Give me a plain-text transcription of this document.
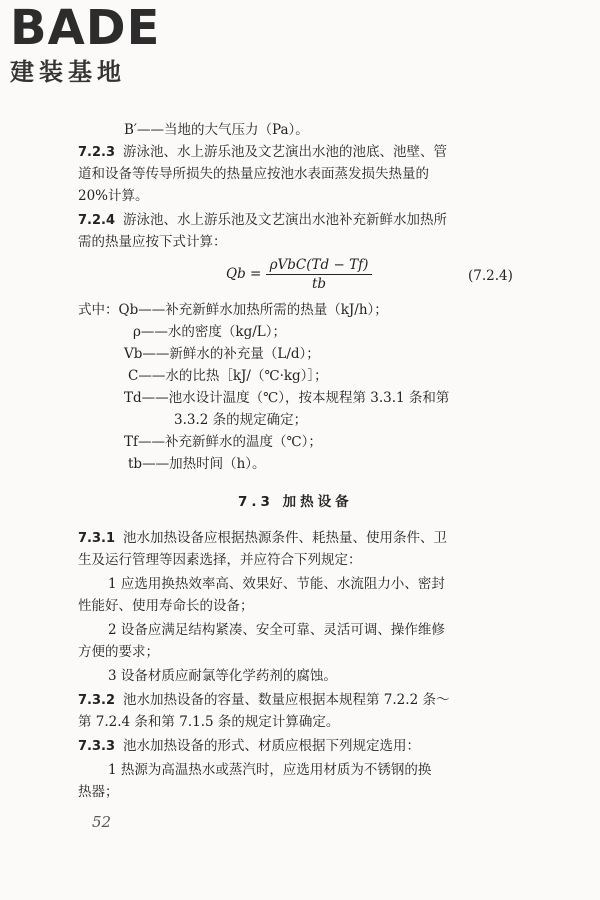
BADE
建装基地
B′——当地的大气压力（Pa）。
7.2.3 游泳池、水上游乐池及文艺演出水池的池底、池壁、管
道和设备等传导所损失的热量应按池水表面蒸发损失热量的
20%计算。
7.2.4 游泳池、水上游乐池及文艺演出水池补充新鲜水加热所
需的热量应按下式计算：
$Qb = \frac{\text{ρVbC(Td − Tf)}}{tb}$	(7.2.4)
式中：Qb——补充新鲜水加热所需的热量（kJ/h）；
ρ——水的密度（kg/L）；
Vb——新鲜水的补充量（L/d）；
C——水的比热［kJ/（℃·kg）］；
Td——池水设计温度（℃），按本规程第 3.3.1 条和第
3.3.2 条的规定确定；
Tf——补充新鲜水的温度（℃）；
tb——加热时间（h）。
7.3 加热设备
7.3.1 池水加热设备应根据热源条件、耗热量、使用条件、卫
生及运行管理等因素选择，并应符合下列规定：
1 应选用换热效率高、效果好、节能、水流阻力小、密封
性能好、使用寿命长的设备；
2 设备应满足结构紧凑、安全可靠、灵活可调、操作维修
方便的要求；
3 设备材质应耐氯等化学药剂的腐蚀。
7.3.2 池水加热设备的容量、数量应根据本规程第 7.2.2 条～
第 7.2.4 条和第 7.1.5 条的规定计算确定。
7.3.3 池水加热设备的形式、材质应根据下列规定选用：
1 热源为高温热水或蒸汽时，应选用材质为不锈钢的换
热器；
52
